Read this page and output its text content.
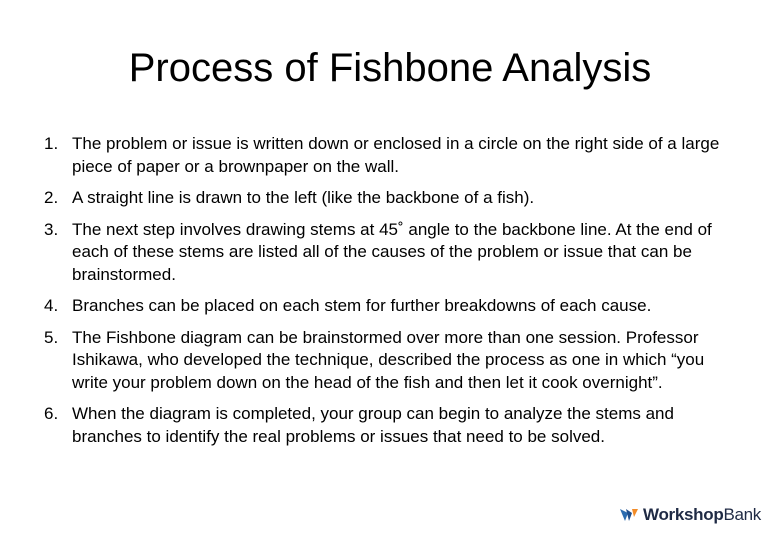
Process of Fishbone Analysis
1. The problem or issue is written down or enclosed in a circle on the right side of a large piece of paper or a brownpaper on the wall.
2. A straight line is drawn to the left (like the backbone of a fish).
3. The next step involves drawing stems at 45˚ angle to the backbone line. At the end of each of these stems are listed all of the causes of the problem or issue that can be brainstormed.
4. Branches can be placed on each stem for further breakdowns of each cause.
5. The Fishbone diagram can be brainstormed over more than one session. Professor Ishikawa, who developed the technique, described the process as one in which “you write your problem down on the head of the fish and then let it cook overnight”.
6. When the diagram is completed, your group can begin to analyze the stems and branches to identify the real problems or issues that need to be solved.
WorkshopBank
